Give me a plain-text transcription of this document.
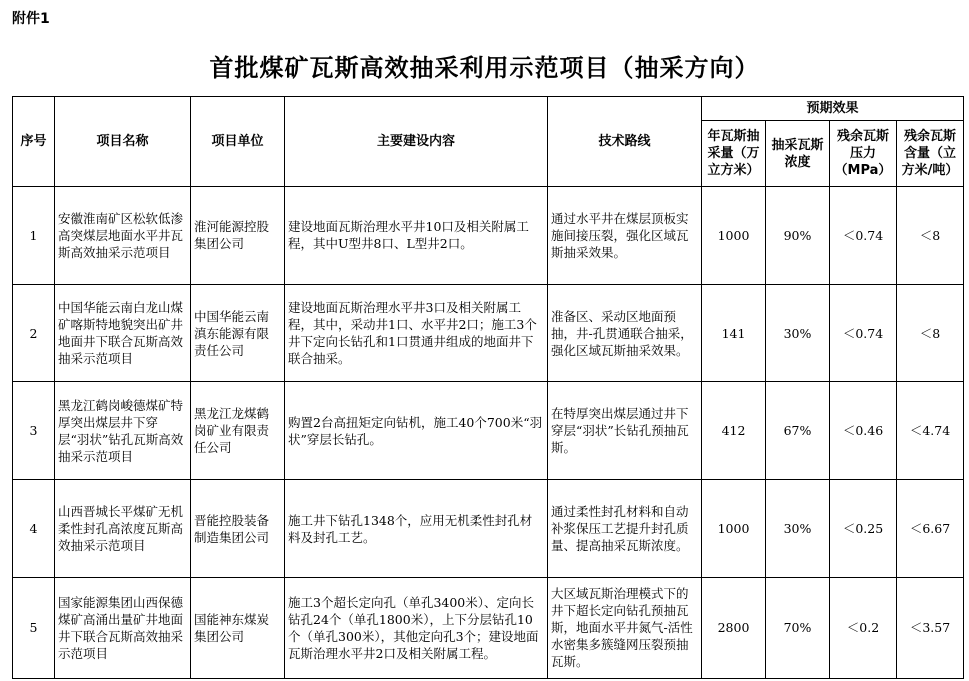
附件1
首批煤矿瓦斯高效抽采利用示范项目（抽采方向）
序号	项目名称	项目单位	主要建设内容	技术路线	预期效果			
					年瓦斯抽采量（万立方米）	抽采瓦斯浓度	残余瓦斯压力（MPa）	残余瓦斯含量（立方米/吨）
1	安徽淮南矿区松软低渗高突煤层地面水平井瓦斯高效抽采示范项目	淮河能源控股集团公司	建设地面瓦斯治理水平井10口及相关附属工程，其中U型井8口、L型井2口。	通过水平井在煤层顶板实施间接压裂，强化区域瓦斯抽采效果。	1000	90%	＜0.74	＜8
2	中国华能云南白龙山煤矿喀斯特地貌突出矿井地面井下联合瓦斯高效抽采示范项目	中国华能云南滇东能源有限责任公司	建设地面瓦斯治理水平井3口及相关附属工程，其中，采动井1口、水平井2口；施工3个井下定向长钻孔和1口贯通井组成的地面井下联合抽采。	准备区、采动区地面预抽，井-孔贯通联合抽采，强化区域瓦斯抽采效果。	141	30%	＜0.74	＜8
3	黑龙江鹤岗峻德煤矿特厚突出煤层井下穿层“羽状”钻孔瓦斯高效抽采示范项目	黑龙江龙煤鹤岗矿业有限责任公司	购置2台高扭矩定向钻机，施工40个700米“羽状”穿层长钻孔。	在特厚突出煤层通过井下穿层“羽状”长钻孔预抽瓦斯。	412	67%	＜0.46	＜4.74
4	山西晋城长平煤矿无机柔性封孔高浓度瓦斯高效抽采示范项目	晋能控股装备制造集团公司	施工井下钻孔1348个，应用无机柔性封孔材料及封孔工艺。	通过柔性封孔材料和自动补浆保压工艺提升封孔质量、提高抽采瓦斯浓度。	1000	30%	＜0.25	＜6.67
5	国家能源集团山西保德煤矿高涌出量矿井地面井下联合瓦斯高效抽采示范项目	国能神东煤炭集团公司	施工3个超长定向孔（单孔3400米）、定向长钻孔24个（单孔1800米），上下分层钻孔10个（单孔300米），其他定向孔3个；建设地面瓦斯治理水平井2口及相关附属工程。	大区域瓦斯治理模式下的井下超长定向钻孔预抽瓦斯，地面水平井氮气-活性水密集多簇缝网压裂预抽瓦斯。	2800	70%	＜0.2	＜3.57
